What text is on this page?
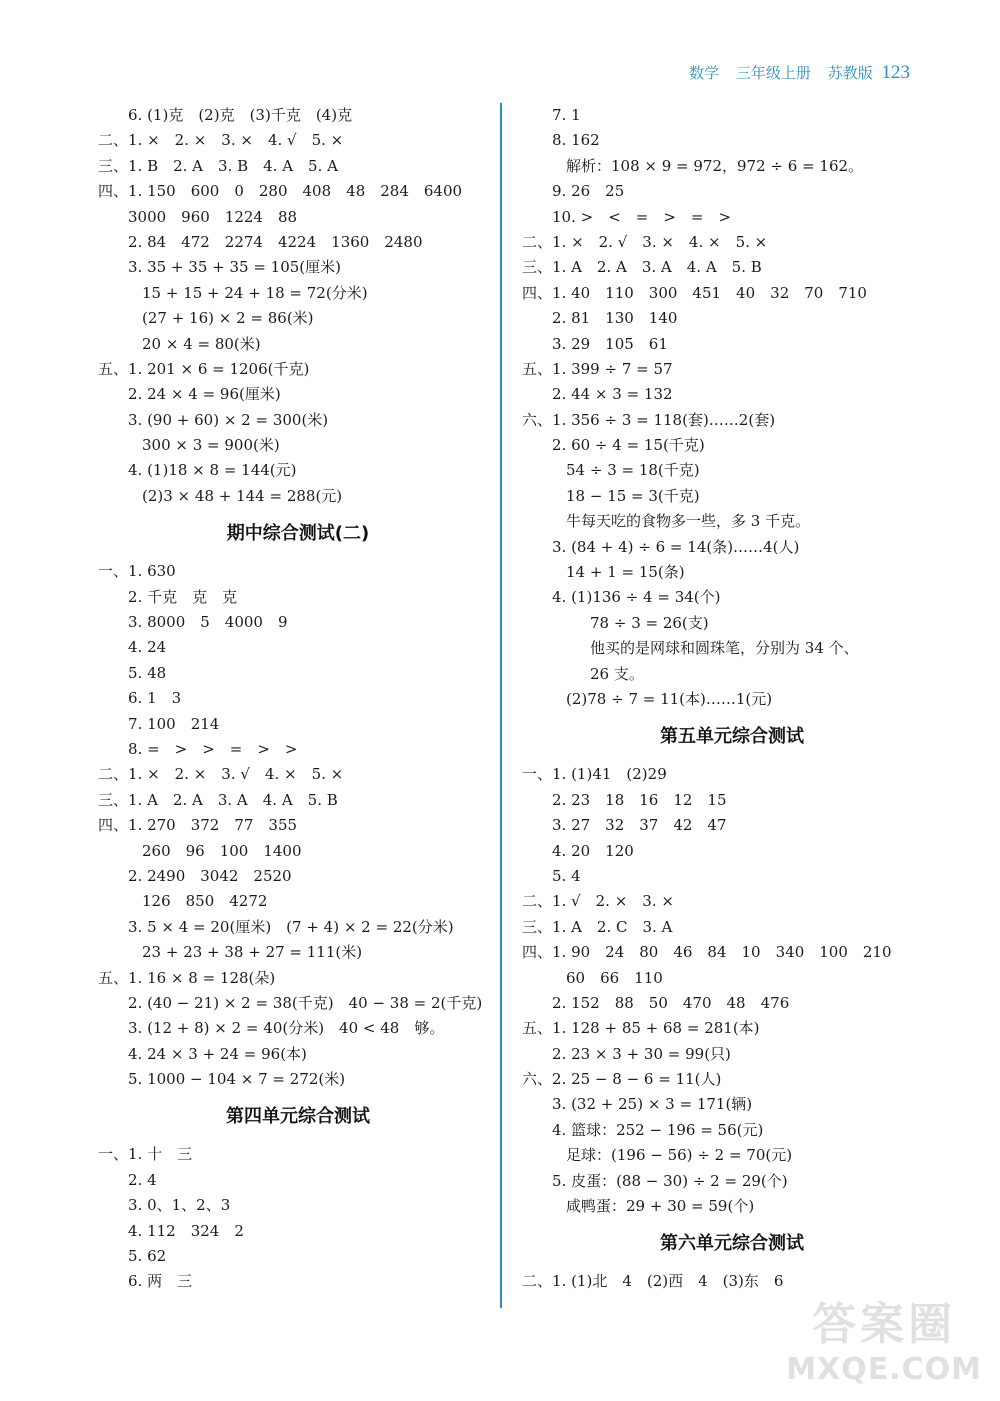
数学 三年级上册 苏教版 123
6. (1)克　(2)克　(3)千克　(4)克
二、1. ×　2. ×　3. ×　4. √　5. ×
三、1. B　2. A　3. B　4. A　5. A
四、1. 150　600　0　280　408　48　284　6400
3000　960　1224　88
2. 84　472　2274　4224　1360　2480
3. 35 + 35 + 35 = 105(厘米)
15 + 15 + 24 + 18 = 72(分米)
(27 + 16) × 2 = 86(米)
20 × 4 = 80(米)
五、1. 201 × 6 = 1206(千克)
2. 24 × 4 = 96(厘米)
3. (90 + 60) × 2 = 300(米)
300 × 3 = 900(米)
4. (1)18 × 8 = 144(元)
(2)3 × 48 + 144 = 288(元)
期中综合测试(二)
一、1. 630
2. 千克　克　克
3. 8000　5　4000　9
4. 24
5. 48
6. 1　3
7. 100　214
8. =　>　>　=　>　>
二、1. ×　2. ×　3. √　4. ×　5. ×
三、1. A　2. A　3. A　4. A　5. B
四、1. 270　372　77　355
260　96　100　1400
2. 2490　3042　2520
126　850　4272
3. 5 × 4 = 20(厘米)　(7 + 4) × 2 = 22(分米)
23 + 23 + 38 + 27 = 111(米)
五、1. 16 × 8 = 128(朵)
2. (40 − 21) × 2 = 38(千克)　40 − 38 = 2(千克)
3. (12 + 8) × 2 = 40(分米)　40 < 48　够。
4. 24 × 3 + 24 = 96(本)
5. 1000 − 104 × 7 = 272(米)
第四单元综合测试
一、1. 十　三
2. 4
3. 0、1、2、3
4. 112　324　2
5. 62
6. 两　三
7. 1
8. 162
解析：108 × 9 = 972，972 ÷ 6 = 162。
9. 26　25
10. >　<　=　>　=　>
二、1. ×　2. √　3. ×　4. ×　5. ×
三、1. A　2. A　3. A　4. A　5. B
四、1. 40　110　300　451　40　32　70　710
2. 81　130　140
3. 29　105　61
五、1. 399 ÷ 7 = 57
2. 44 × 3 = 132
六、1. 356 ÷ 3 = 118(套)……2(套)
2. 60 ÷ 4 = 15(千克)
54 ÷ 3 = 18(千克)
18 − 15 = 3(千克)
牛每天吃的食物多一些，多 3 千克。
3. (84 + 4) ÷ 6 = 14(条)……4(人)
14 + 1 = 15(条)
4. (1)136 ÷ 4 = 34(个)
78 ÷ 3 = 26(支)
他买的是网球和圆珠笔，分别为 34 个、
26 支。
(2)78 ÷ 7 = 11(本)……1(元)
第五单元综合测试
一、1. (1)41　(2)29
2. 23　18　16　12　15
3. 27　32　37　42　47
4. 20　120
5. 4
二、1. √　2. ×　3. ×
三、1. A　2. C　3. A
四、1. 90　24　80　46　84　10　340　100　210
60　66　110
2. 152　88　50　470　48　476
五、1. 128 + 85 + 68 = 281(本)
2. 23 × 3 + 30 = 99(只)
六、2. 25 − 8 − 6 = 11(人)
3. (32 + 25) × 3 = 171(辆)
4. 篮球：252 − 196 = 56(元)
足球：(196 − 56) ÷ 2 = 70(元)
5. 皮蛋：(88 − 30) ÷ 2 = 29(个)
咸鸭蛋：29 + 30 = 59(个)
第六单元综合测试
二、1. (1)北　4　(2)西　4　(3)东　6
答案圈
MXQE.COM
